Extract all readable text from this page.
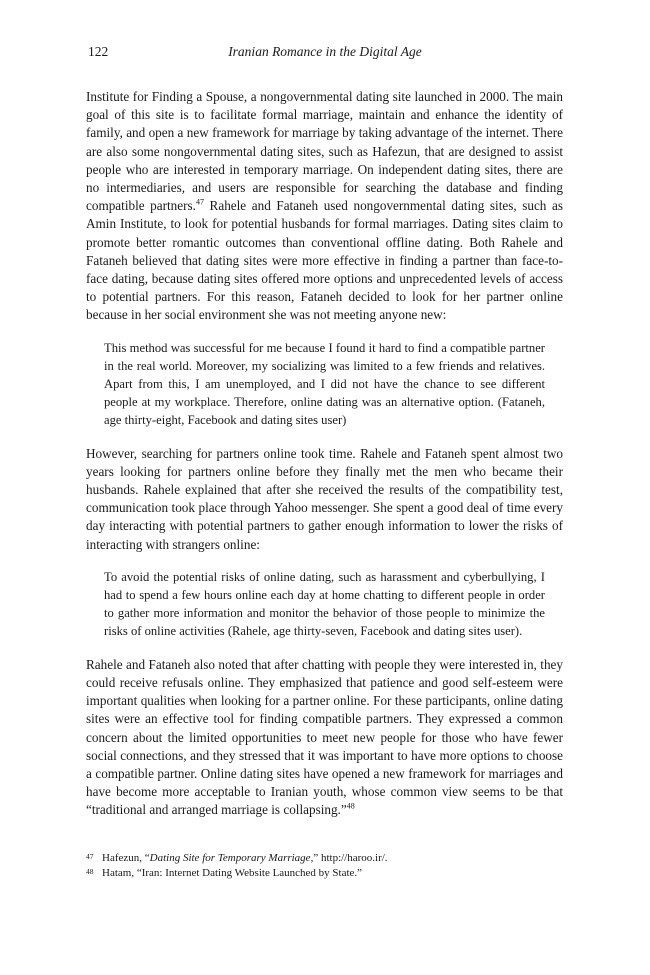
122	Iranian Romance in the Digital Age

Institute for Finding a Spouse, a nongovernmental dating site launched in 2000. The main goal of this site is to facilitate formal marriage, maintain and enhance the identity of family, and open a new framework for marriage by taking advantage of the internet. There are also some nongovernmental dating sites, such as Hafezun, that are designed to assist people who are interested in temporary marriage. On independent dating sites, there are no intermediaries, and users are responsible for searching the database and finding compatible partners.$^{47}$ Rahele and Fataneh used nongovernmental dating sites, such as Amin Institute, to look for potential husbands for formal marriages. Dating sites claim to promote better romantic outcomes than conventional offline dating. Both Rahele and Fataneh believed that dating sites were more effective in finding a partner than face-to-face dating, because dating sites offered more options and unprecedented levels of access to potential partners. For this reason, Fataneh decided to look for her partner online because in her social environment she was not meeting anyone new:

This method was successful for me because I found it hard to find a compatible partner in the real world. Moreover, my socializing was limited to a few friends and relatives. Apart from this, I am unemployed, and I did not have the chance to see different people at my workplace. Therefore, online dating was an alternative option. (Fataneh, age thirty-eight, Facebook and dating sites user)

However, searching for partners online took time. Rahele and Fataneh spent almost two years looking for partners online before they finally met the men who became their husbands. Rahele explained that after she received the results of the compatibility test, communication took place through Yahoo messenger. She spent a good deal of time every day interacting with potential partners to gather enough information to lower the risks of interacting with strangers online:

To avoid the potential risks of online dating, such as harassment and cyberbullying, I had to spend a few hours online each day at home chatting to different people in order to gather more information and monitor the behavior of those people to minimize the risks of online activities (Rahele, age thirty-seven, Facebook and dating sites user).

Rahele and Fataneh also noted that after chatting with people they were interested in, they could receive refusals online. They emphasized that patience and good self-esteem were important qualities when looking for a partner online. For these participants, online dating sites were an effective tool for finding compatible partners. They expressed a common concern about the limited opportunities to meet new people for those who have fewer social connections, and they stressed that it was important to have more options to choose a compatible partner. Online dating sites have opened a new framework for marriages and have become more acceptable to Iranian youth, whose common view seems to be that “traditional and arranged marriage is collapsing.”$^{48}$

47 Hafezun, “Dating Site for Temporary Marriage,” http://haroo.ir/.
48 Hatam, “Iran: Internet Dating Website Launched by State.”
